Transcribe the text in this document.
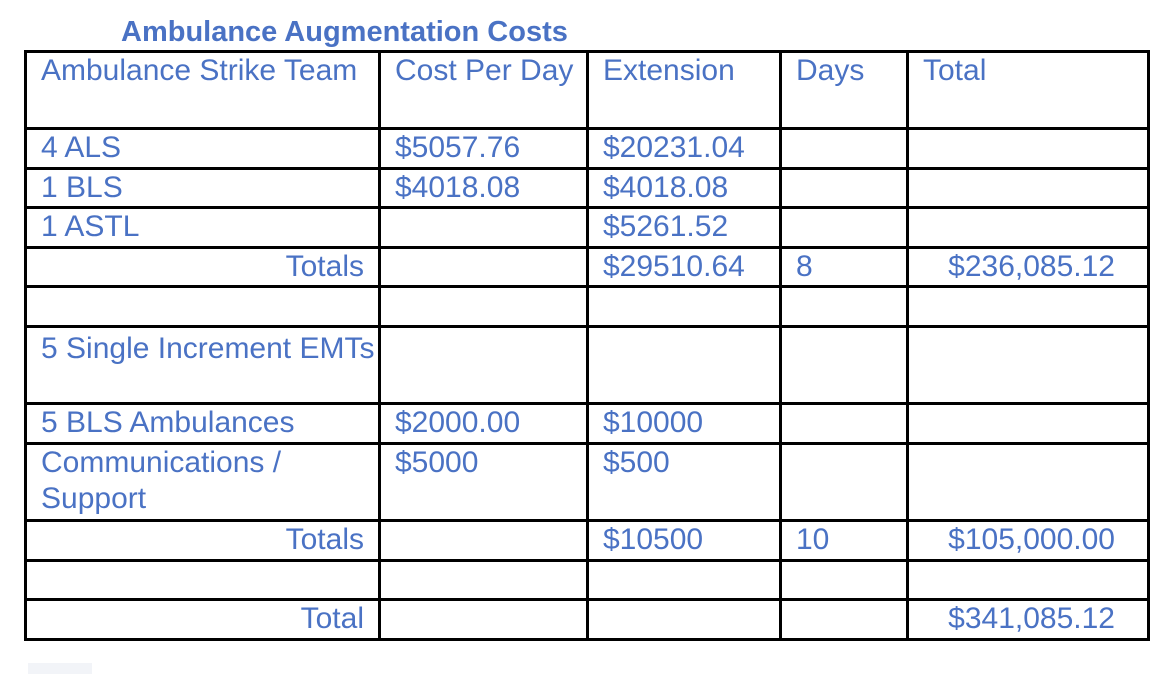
Ambulance Augmentation Costs
Ambulance Strike Team	Cost Per Day	Extension	Days	Total
4 ALS	$5057.76	$20231.04		
1 BLS	$4018.08	$4018.08		
1 ASTL		$5261.52		
Totals		$29510.64	8	$236,085.12

5 Single Increment EMTs				
5 BLS Ambulances	$2000.00	$10000		
Communications / Support	$5000	$500		
Totals		$10500	10	$105,000.00

Total				$341,085.12
